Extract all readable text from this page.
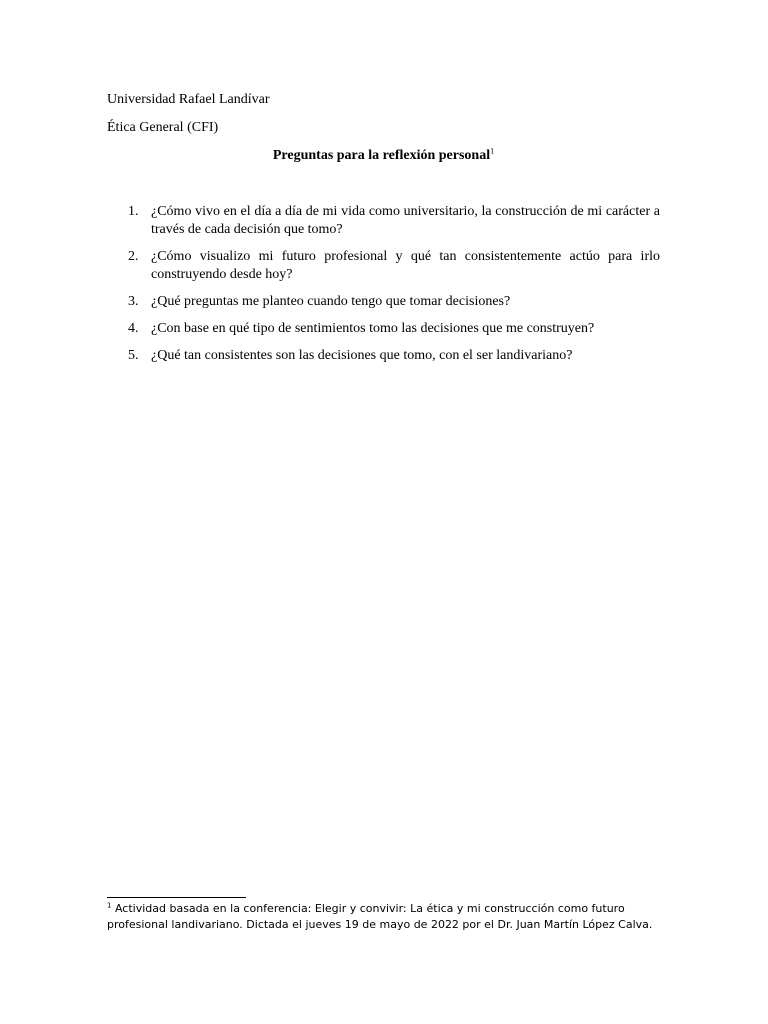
Universidad Rafael Landívar
Ética General (CFI)
Preguntas para la reflexión personal$^1$
1. ¿Cómo vivo en el día a día de mi vida como universitario, la construcción de mi carácter a través de cada decisión que tomo?
2. ¿Cómo visualizo mi futuro profesional y qué tan consistentemente actúo para irlo construyendo desde hoy?
3. ¿Qué preguntas me planteo cuando tengo que tomar decisiones?
4. ¿Con base en qué tipo de sentimientos tomo las decisiones que me construyen?
5. ¿Qué tan consistentes son las decisiones que tomo, con el ser landivariano?
$^1$ Actividad basada en la conferencia: Elegir y convivir: La ética y mi construcción como futuro profesional landivariano. Dictada el jueves 19 de mayo de 2022 por el Dr. Juan Martín López Calva.
